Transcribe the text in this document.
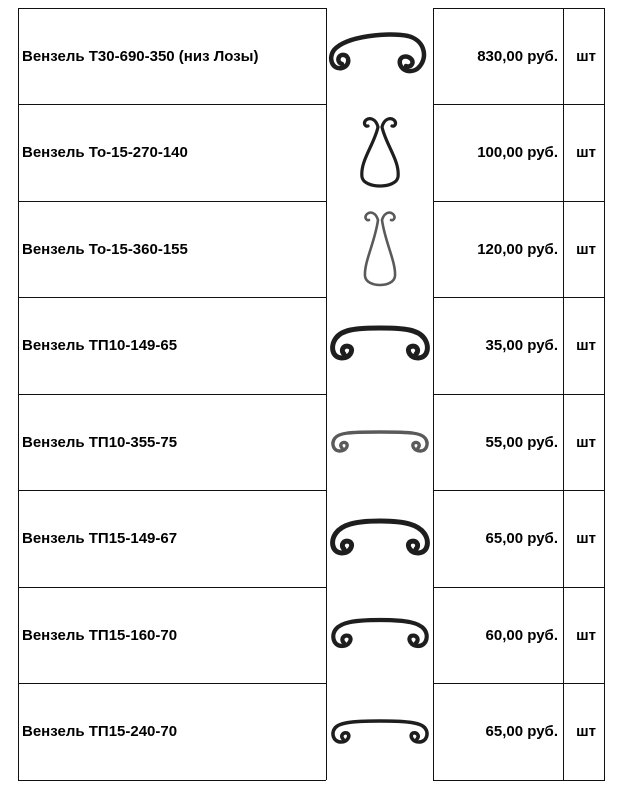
Вензель Т30-690-350 (низ Лозы)	830,00 руб.	шт
Вензель То-15-270-140	100,00 руб.	шт
Вензель То-15-360-155	120,00 руб.	шт
Вензель ТП10-149-65	35,00 руб.	шт
Вензель ТП10-355-75	55,00 руб.	шт
Вензель ТП15-149-67	65,00 руб.	шт
Вензель ТП15-160-70	60,00 руб.	шт
Вензель ТП15-240-70	65,00 руб.	шт
